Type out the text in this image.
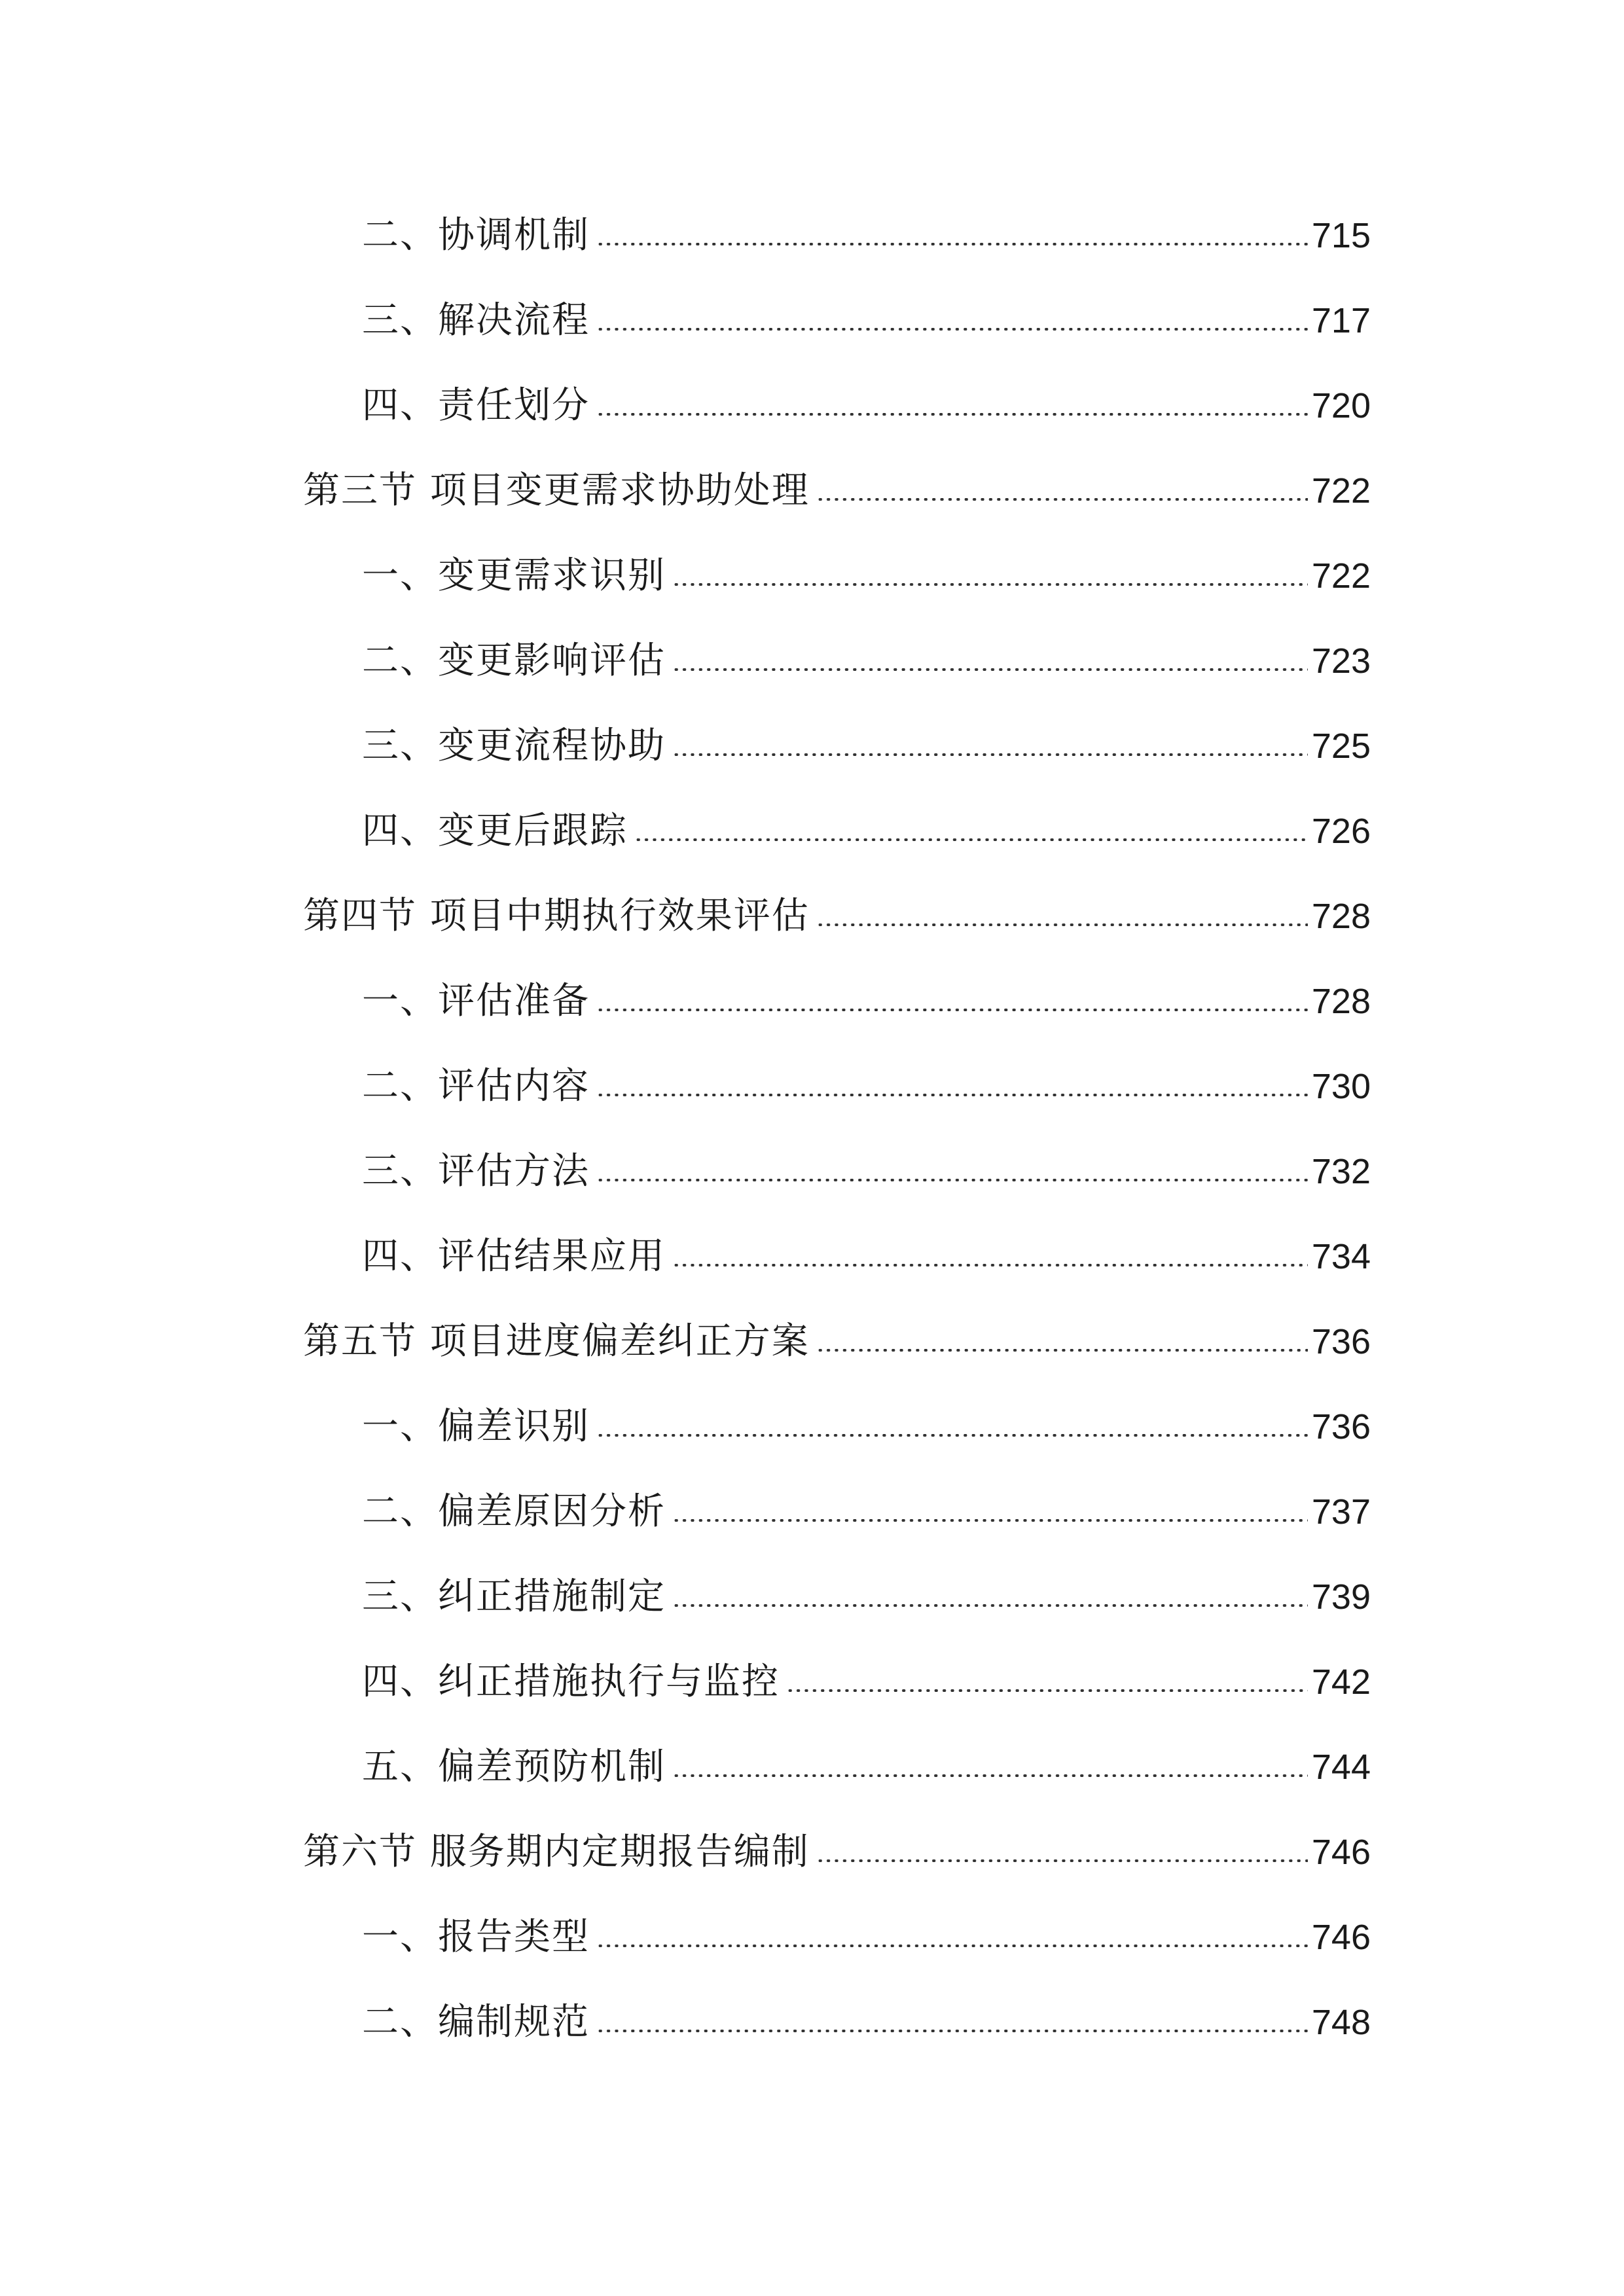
二、协调机制	715
三、解决流程	717
四、责任划分	720
第三节 项目变更需求协助处理	722
一、变更需求识别	722
二、变更影响评估	723
三、变更流程协助	725
四、变更后跟踪	726
第四节 项目中期执行效果评估	728
一、评估准备	728
二、评估内容	730
三、评估方法	732
四、评估结果应用	734
第五节 项目进度偏差纠正方案	736
一、偏差识别	736
二、偏差原因分析	737
三、纠正措施制定	739
四、纠正措施执行与监控	742
五、偏差预防机制	744
第六节 服务期内定期报告编制	746
一、报告类型	746
二、编制规范	748
